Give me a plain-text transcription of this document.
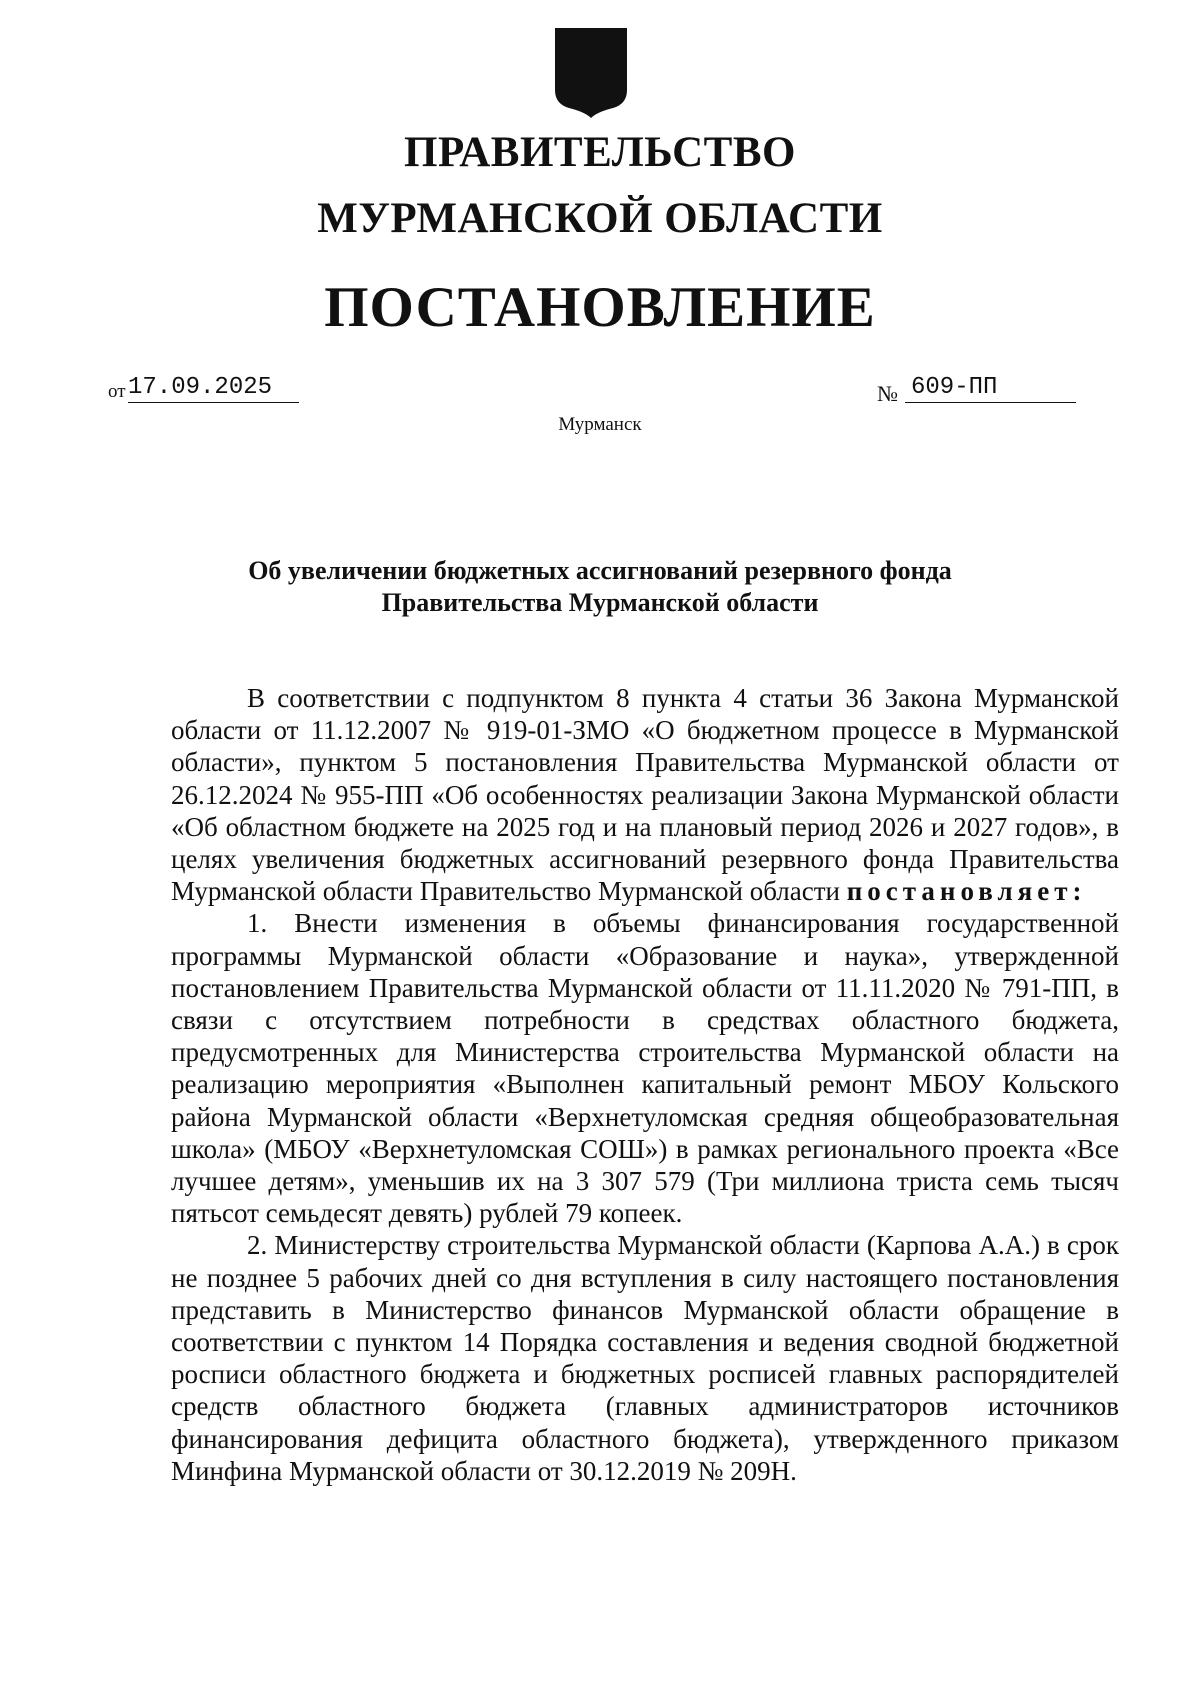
ПРАВИТЕЛЬСТВО
МУРМАНСКОЙ ОБЛАСТИ
ПОСТАНОВЛЕНИЕ
от 17.09.2025	№ 609-ПП
Мурманск
Об увеличении бюджетных ассигнований резервного фонда
Правительства Мурманской области

В соответствии с подпунктом 8 пункта 4 статьи 36 Закона Мурманской области от 11.12.2007 № 919-01-ЗМО «О бюджетном процессе в Мурманской области», пунктом 5 постановления Правительства Мурманской области от 26.12.2024 № 955-ПП «Об особенностях реализации Закона Мурманской области «Об областном бюджете на 2025 год и на плановый период 2026 и 2027 годов», в целях увеличения бюджетных ассигнований резервного фонда Правительства Мурманской области Правительство Мурманской области постановляет:

1. Внести изменения в объемы финансирования государственной программы Мурманской области «Образование и наука», утвержденной постановлением Правительства Мурманской области от 11.11.2020 № 791-ПП, в связи с отсутствием потребности в средствах областного бюджета, предусмотренных для Министерства строительства Мурманской области на реализацию мероприятия «Выполнен капитальный ремонт МБОУ Кольского района Мурманской области «Верхнетуломская средняя общеобразовательная школа» (МБОУ «Верхнетуломская СОШ») в рамках регионального проекта «Все лучшее детям», уменьшив их на 3 307 579 (Три миллиона триста семь тысяч пятьсот семьдесят девять) рублей 79 копеек.

2. Министерству строительства Мурманской области (Карпова А.А.) в срок не позднее 5 рабочих дней со дня вступления в силу настоящего постановления представить в Министерство финансов Мурманской области обращение в соответствии с пунктом 14 Порядка составления и ведения сводной бюджетной росписи областного бюджета и бюджетных росписей главных распорядителей средств областного бюджета (главных администраторов источников финансирования дефицита областного бюджета), утвержденного приказом Минфина Мурманской области от 30.12.2019 № 209Н.
